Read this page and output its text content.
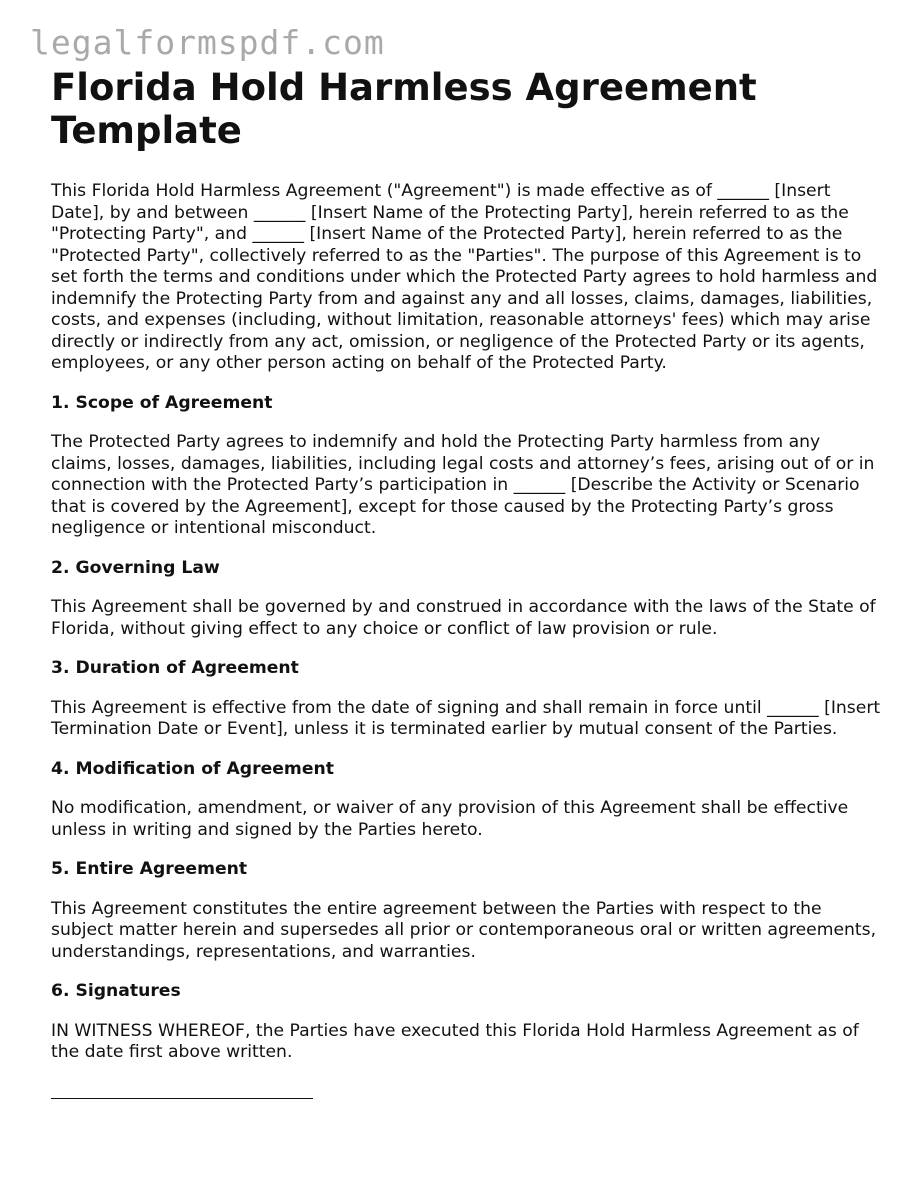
legalformspdf.com
Florida Hold Harmless Agreement Template

This Florida Hold Harmless Agreement ("Agreement") is made effective as of ______ [Insert Date], by and between ______ [Insert Name of the Protecting Party], herein referred to as the "Protecting Party", and ______ [Insert Name of the Protected Party], herein referred to as the "Protected Party", collectively referred to as the "Parties". The purpose of this Agreement is to set forth the terms and conditions under which the Protected Party agrees to hold harmless and indemnify the Protecting Party from and against any and all losses, claims, damages, liabilities, costs, and expenses (including, without limitation, reasonable attorneys' fees) which may arise directly or indirectly from any act, omission, or negligence of the Protected Party or its agents, employees, or any other person acting on behalf of the Protected Party.

1. Scope of Agreement

The Protected Party agrees to indemnify and hold the Protecting Party harmless from any claims, losses, damages, liabilities, including legal costs and attorney’s fees, arising out of or in connection with the Protected Party’s participation in ______ [Describe the Activity or Scenario that is covered by the Agreement], except for those caused by the Protecting Party’s gross negligence or intentional misconduct.

2. Governing Law

This Agreement shall be governed by and construed in accordance with the laws of the State of Florida, without giving effect to any choice or conflict of law provision or rule.

3. Duration of Agreement

This Agreement is effective from the date of signing and shall remain in force until ______ [Insert Termination Date or Event], unless it is terminated earlier by mutual consent of the Parties.

4. Modification of Agreement

No modification, amendment, or waiver of any provision of this Agreement shall be effective unless in writing and signed by the Parties hereto.

5. Entire Agreement

This Agreement constitutes the entire agreement between the Parties with respect to the subject matter herein and supersedes all prior or contemporaneous oral or written agreements, understandings, representations, and warranties.

6. Signatures

IN WITNESS WHEREOF, the Parties have executed this Florida Hold Harmless Agreement as of the date first above written.
